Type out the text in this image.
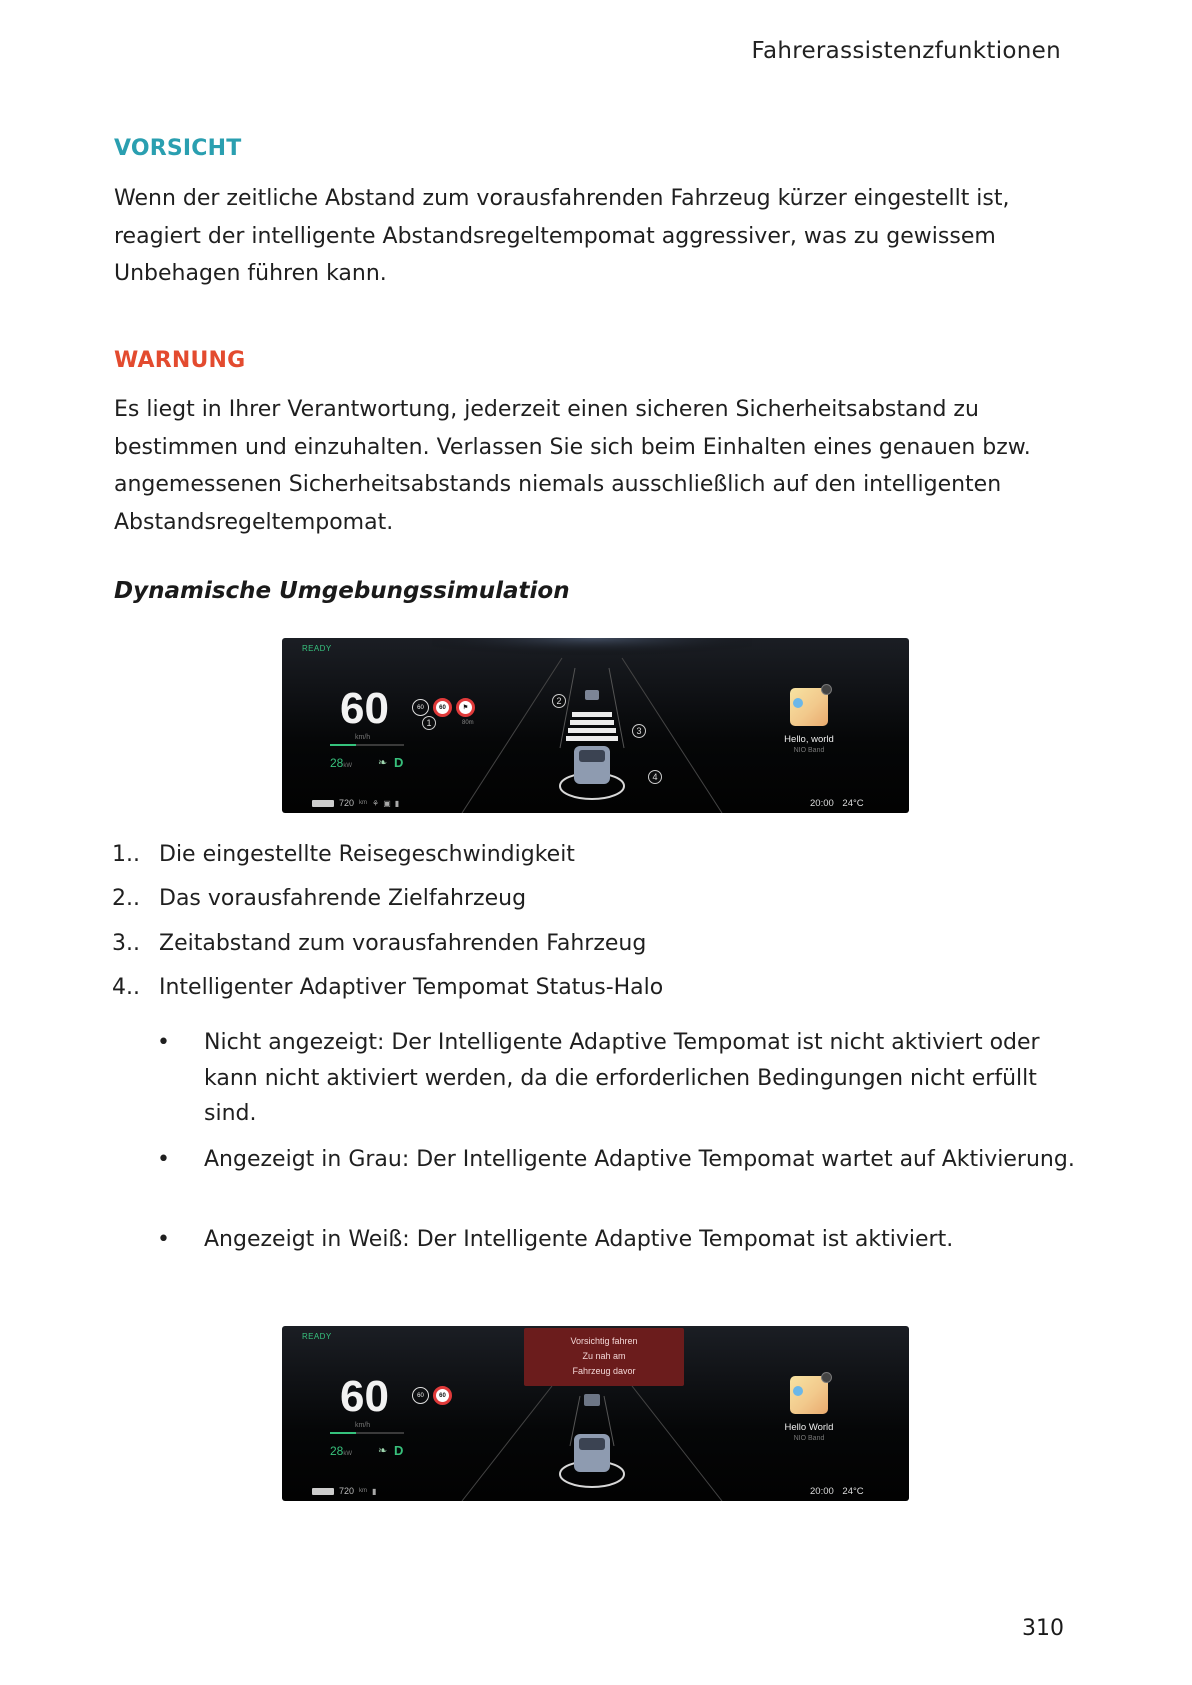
Fahrerassistenzfunktionen
VORSICHT
Wenn der zeitliche Abstand zum vorausfahrenden Fahrzeug kürzer eingestellt ist, reagiert der intelligente Abstandsregeltempomat aggressiver, was zu gewissem Unbehagen führen kann.
WARNUNG
Es liegt in Ihrer Verantwortung, jederzeit einen sicheren Sicherheitsabstand zu bestimmen und einzuhalten. Verlassen Sie sich beim Einhalten eines genauen bzw. angemessenen Sicherheitsabstands niemals ausschließlich auf den intelligenten Abstandsregeltempomat.
Dynamische Umgebungssimulation
READY
60
km/h
28kW ❧ D
720 km ⚘▣▮
60	60	⚑
80m
1
2
3
4
Hello, world
NIO Band
20:00 24°C
1.. Die eingestellte Reisegeschwindigkeit
2.. Das vorausfahrende Zielfahrzeug
3.. Zeitabstand zum vorausfahrenden Fahrzeug
4.. Intelligenter Adaptiver Tempomat Status-Halo
• Nicht angezeigt: Der Intelligente Adaptive Tempomat ist nicht aktiviert oder kann nicht aktiviert werden, da die erforderlichen Bedingungen nicht erfüllt sind.
• Angezeigt in Grau: Der Intelligente Adaptive Tempomat wartet auf Aktivierung.
• Angezeigt in Weiß: Der Intelligente Adaptive Tempomat ist aktiviert.
READY
60
km/h
28kW ❧ D
720 km ▮
60	60
Vorsichtig fahren
Zu nah am
Fahrzeug davor
Hello World
NIO Band
20:00 24°C
310
